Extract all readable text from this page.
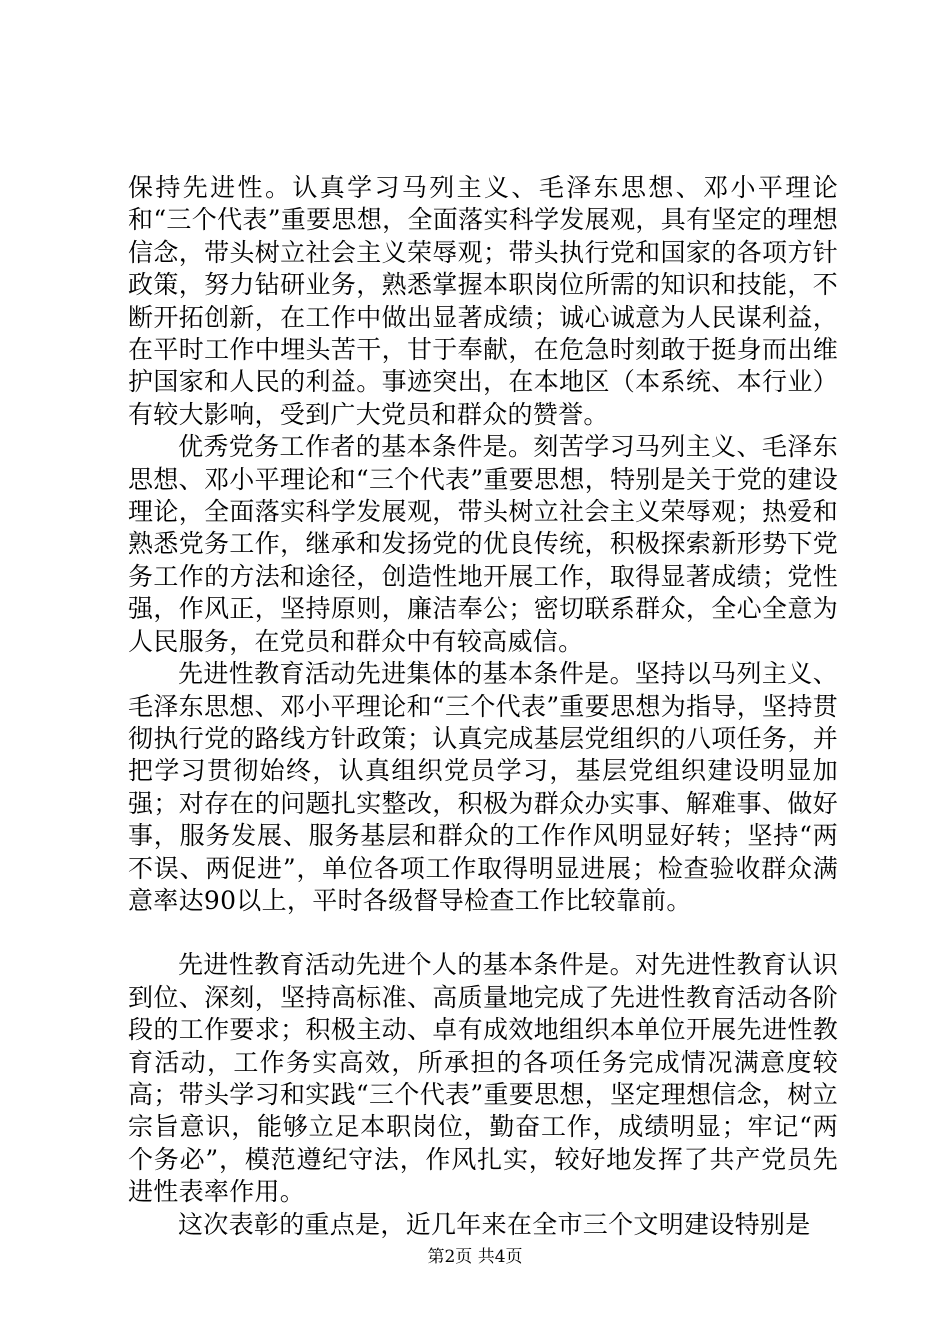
保持先进性。认真学习马列主义、毛泽东思想、邓小平理论和“三个代表”重要思想，全面落实科学发展观，具有坚定的理想信念，带头树立社会主义荣辱观；带头执行党和国家的各项方针政策，努力钻研业务，熟悉掌握本职岗位所需的知识和技能，不断开拓创新，在工作中做出显著成绩；诚心诚意为人民谋利益，在平时工作中埋头苦干，甘于奉献，在危急时刻敢于挺身而出维护国家和人民的利益。事迹突出，在本地区（本系统、本行业）有较大影响，受到广大党员和群众的赞誉。

优秀党务工作者的基本条件是。刻苦学习马列主义、毛泽东思想、邓小平理论和“三个代表”重要思想，特别是关于党的建设理论，全面落实科学发展观，带头树立社会主义荣辱观；热爱和熟悉党务工作，继承和发扬党的优良传统，积极探索新形势下党务工作的方法和途径，创造性地开展工作，取得显著成绩；党性强，作风正，坚持原则，廉洁奉公；密切联系群众，全心全意为人民服务，在党员和群众中有较高威信。

先进性教育活动先进集体的基本条件是。坚持以马列主义、毛泽东思想、邓小平理论和“三个代表”重要思想为指导，坚持贯彻执行党的路线方针政策；认真完成基层党组织的八项任务，并把学习贯彻始终，认真组织党员学习，基层党组织建设明显加强；对存在的问题扎实整改，积极为群众办实事、解难事、做好事，服务发展、服务基层和群众的工作作风明显好转；坚持“两不误、两促进”，单位各项工作取得明显进展；检查验收群众满意率达90以上，平时各级督导检查工作比较靠前。

先进性教育活动先进个人的基本条件是。对先进性教育认识到位、深刻，坚持高标准、高质量地完成了先进性教育活动各阶段的工作要求；积极主动、卓有成效地组织本单位开展先进性教育活动，工作务实高效，所承担的各项任务完成情况满意度较高；带头学习和实践“三个代表”重要思想，坚定理想信念，树立宗旨意识，能够立足本职岗位，勤奋工作，成绩明显；牢记“两个务必”，模范遵纪守法，作风扎实，较好地发挥了共产党员先进性表率作用。

这次表彰的重点是，近几年来在全市三个文明建设特别是

第2页 共4页
